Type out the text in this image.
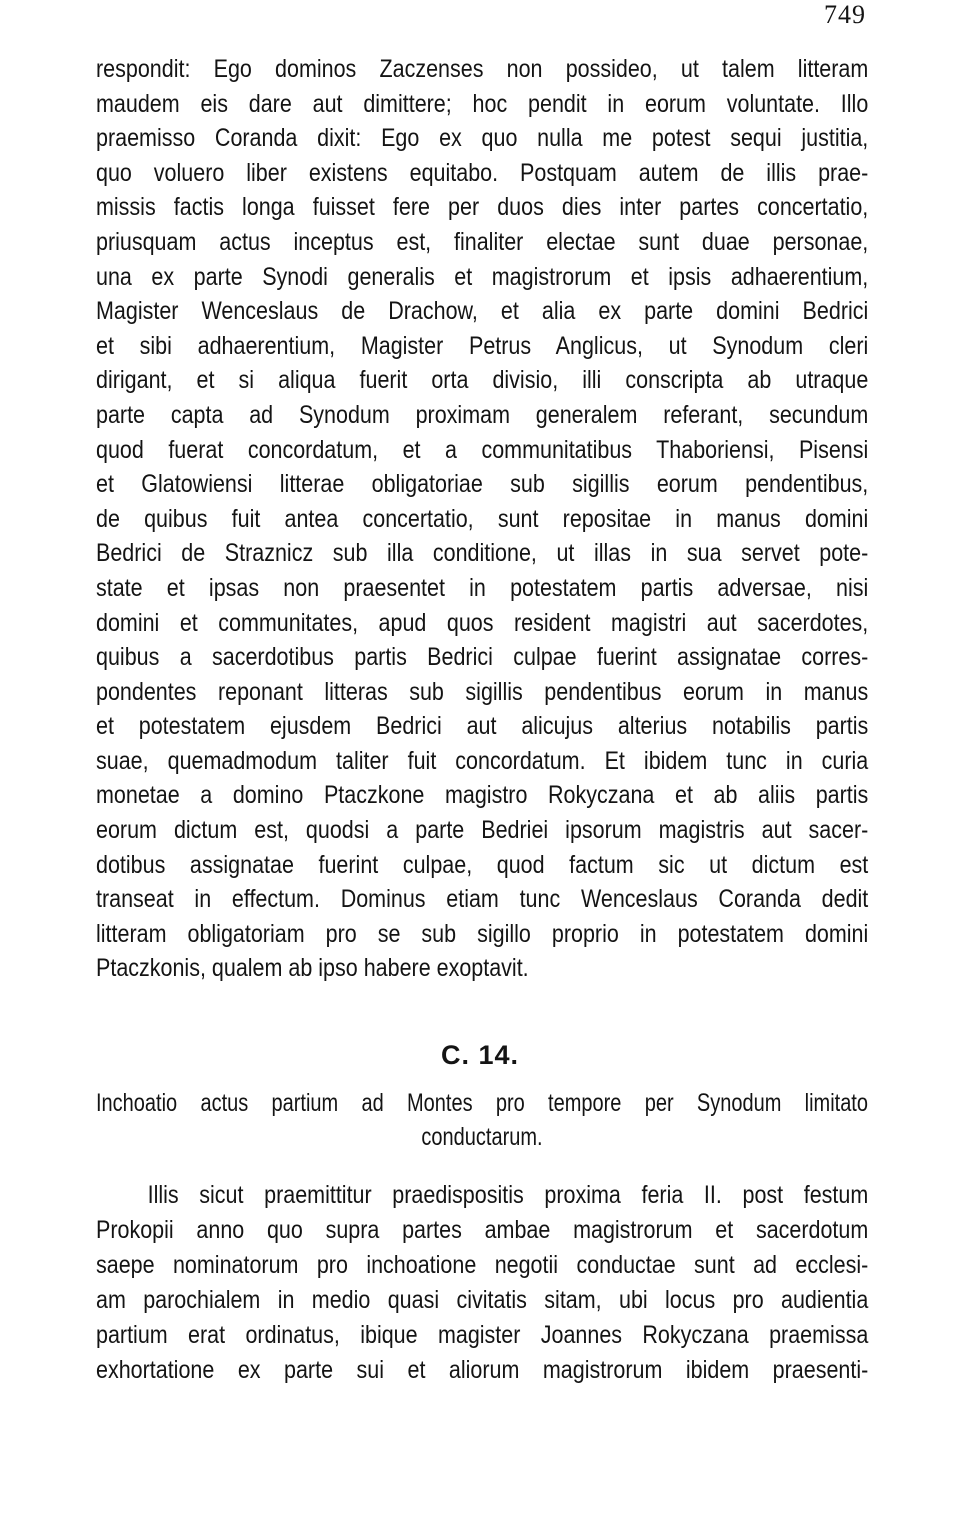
749
respondit: Ego dominos Zaczenses non possideo, ut talem litteram
maudem eis dare aut dimittere; hoc pendit in eorum voluntate. Illo
praemisso Coranda dixit: Ego ex quo nulla me potest sequi justitia,
quo voluero liber existens equitabo. Postquam autem de illis prae-
missis factis longa fuisset fere per duos dies inter partes concertatio,
priusquam actus inceptus est, finaliter electae sunt duae personae,
una ex parte Synodi generalis et magistrorum et ipsis adhaerentium,
Magister Wenceslaus de Drachow, et alia ex parte domini Bedrici
et sibi adhaerentium, Magister Petrus Anglicus, ut Synodum cleri
dirigant, et si aliqua fuerit orta divisio, illi conscripta ab utraque
parte capta ad Synodum proximam generalem referant, secundum
quod fuerat concordatum, et a communitatibus Thaboriensi, Pisensi
et Glatowiensi litterae obligatoriae sub sigillis eorum pendentibus,
de quibus fuit antea concertatio, sunt repositae in manus domini
Bedrici de Straznicz sub illa conditione, ut illas in sua servet pote-
state et ipsas non praesentet in potestatem partis adversae, nisi
domini et communitates, apud quos resident magistri aut sacerdotes,
quibus a sacerdotibus partis Bedrici culpae fuerint assignatae corres-
pondentes reponant litteras sub sigillis pendentibus eorum in manus
et potestatem ejusdem Bedrici aut alicujus alterius notabilis partis
suae, quemadmodum taliter fuit concordatum. Et ibidem tunc in curia
monetae a domino Ptaczkone magistro Rokyczana et ab aliis partis
eorum dictum est, quodsi a parte Bedriei ipsorum magistris aut sacer-
dotibus assignatae fuerint culpae, quod factum sic ut dictum est
transeat in effectum. Dominus etiam tunc Wenceslaus Coranda dedit
litteram obligatoriam pro se sub sigillo proprio in potestatem domini
Ptaczkonis, qualem ab ipso habere exoptavit.
C. 14.
Inchoatio actus partium ad Montes pro tempore per Synodum limitato
conductarum.
Illis sicut praemittitur praedispositis proxima feria II. post festum
Prokopii anno quo supra partes ambae magistrorum et sacerdotum
saepe nominatorum pro inchoatione negotii conductae sunt ad ecclesi-
am parochialem in medio quasi civitatis sitam, ubi locus pro audientia
partium erat ordinatus, ibique magister Joannes Rokyczana praemissa
exhortatione ex parte sui et aliorum magistrorum ibidem praesenti-
